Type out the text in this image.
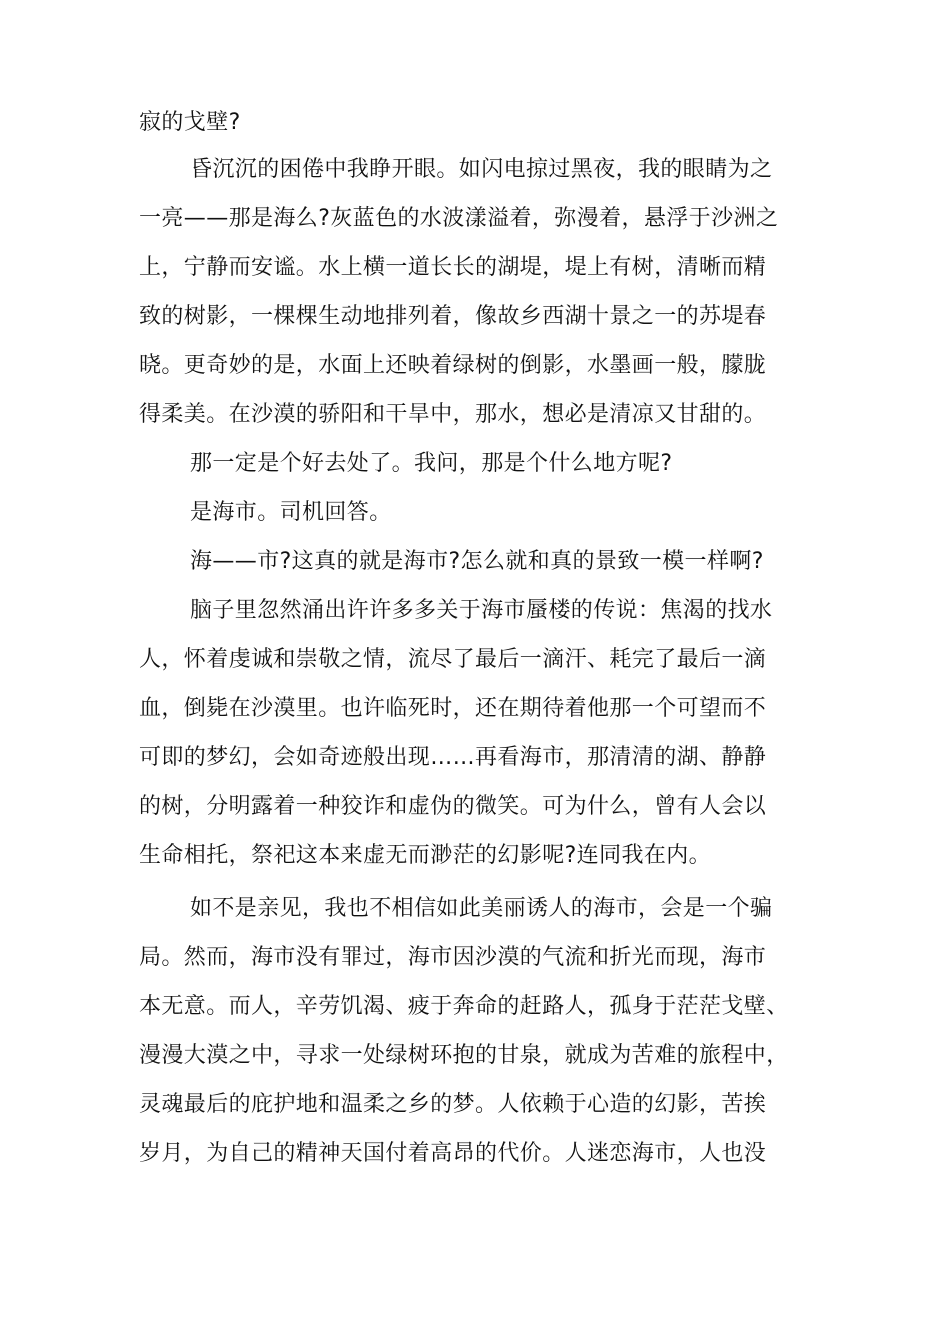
寂的戈壁?
昏沉沉的困倦中我睁开眼。如闪电掠过黑夜，我的眼睛为之
一亮——那是海么?灰蓝色的水波漾溢着，弥漫着，悬浮于沙洲之
上，宁静而安谧。水上横一道长长的湖堤，堤上有树，清晰而精
致的树影，一棵棵生动地排列着，像故乡西湖十景之一的苏堤春
晓。更奇妙的是，水面上还映着绿树的倒影，水墨画一般，朦胧
得柔美。在沙漠的骄阳和干旱中，那水，想必是清凉又甘甜的。
那一定是个好去处了。我问，那是个什么地方呢?
是海市。司机回答。
海——市?这真的就是海市?怎么就和真的景致一模一样啊?
脑子里忽然涌出许许多多关于海市蜃楼的传说：焦渴的找水
人，怀着虔诚和崇敬之情，流尽了最后一滴汗、耗完了最后一滴
血，倒毙在沙漠里。也许临死时，还在期待着他那一个可望而不
可即的梦幻，会如奇迹般出现……再看海市，那清清的湖、静静
的树，分明露着一种狡诈和虚伪的微笑。可为什么，曾有人会以
生命相托，祭祀这本来虚无而渺茫的幻影呢?连同我在内。
如不是亲见，我也不相信如此美丽诱人的海市，会是一个骗
局。然而，海市没有罪过，海市因沙漠的气流和折光而现，海市
本无意。而人，辛劳饥渴、疲于奔命的赶路人，孤身于茫茫戈壁、
漫漫大漠之中，寻求一处绿树环抱的甘泉，就成为苦难的旅程中，
灵魂最后的庇护地和温柔之乡的梦。人依赖于心造的幻影，苦挨
岁月，为自己的精神天国付着高昂的代价。人迷恋海市，人也没
